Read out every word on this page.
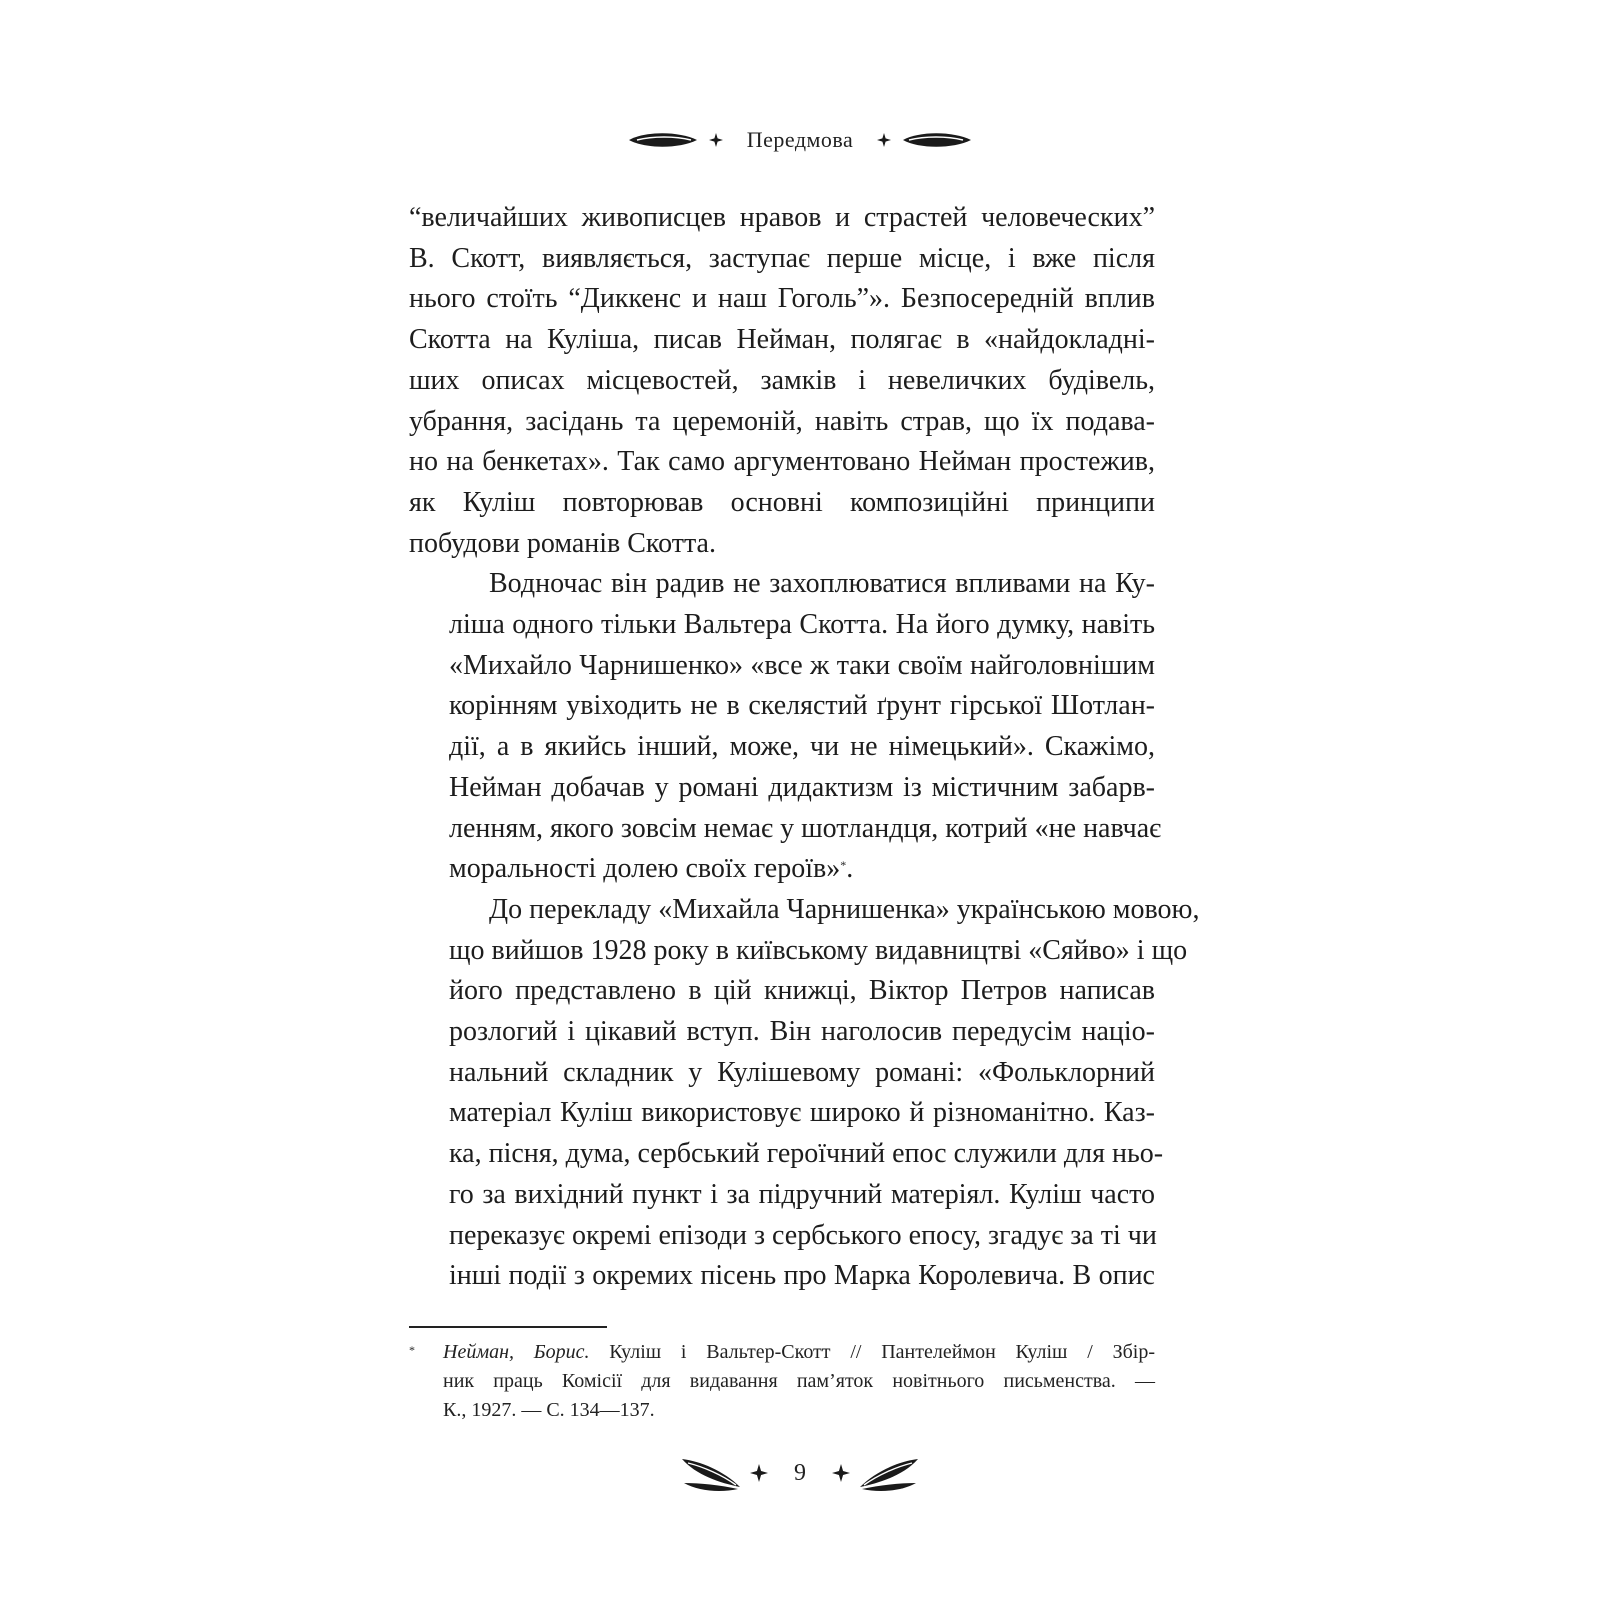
Передмова

“величайших живописцев нравов и страстей человеческих”
В. Скотт, виявляється, заступає перше місце, і вже після
нього стоїть “Диккенс и наш Гоголь”». Безпосередній вплив
Скотта на Куліша, писав Нейман, полягає в «найдокладні-
ших описах місцевостей, замків і невеличких будівель,
убрання, засідань та церемоній, навіть страв, що їх подава-
но на бенкетах». Так само аргументовано Нейман простежив,
як Куліш повторював основні композиційні принципи
побудови романів Скотта.

Водночас він радив не захоплюватися впливами на Ку-
ліша одного тільки Вальтера Скотта. На його думку, навіть
«Михайло Чарнишенко» «все ж таки своїм найголовнішим
корінням увіходить не в скелястий ґрунт гірської Шотлан-
дії, а в якийсь інший, може, чи не німецький». Скажімо,
Нейман добачав у романі дидактизм із містичним забарв-
ленням, якого зовсім немає у шотландця, котрий «не навчає
моральності долею своїх героїв»*.

До перекладу «Михайла Чарнишенка» українською мовою,
що вийшов 1928 року в київському видавництві «Сяйво» і що
його представлено в цій книжці, Віктор Петров написав
розлогий і цікавий вступ. Він наголосив передусім націо-
нальний складник у Кулішевому романі: «Фольклорний
матеріал Куліш використовує широко й різноманітно. Каз-
ка, пісня, дума, сербський героїчний епос служили для ньо-
го за вихідний пункт і за підручний матеріял. Куліш часто
переказує окремі епізоди з сербського епосу, згадує за ті чи
інші події з окремих пісень про Марка Королевича. В опис

* Нейман, Борис. Куліш і Вальтер-Скотт // Пантелеймон Куліш / Збір-
ник праць Комісії для видавання пам’яток новітнього письменства. —
К., 1927. — С. 134—137.
9
